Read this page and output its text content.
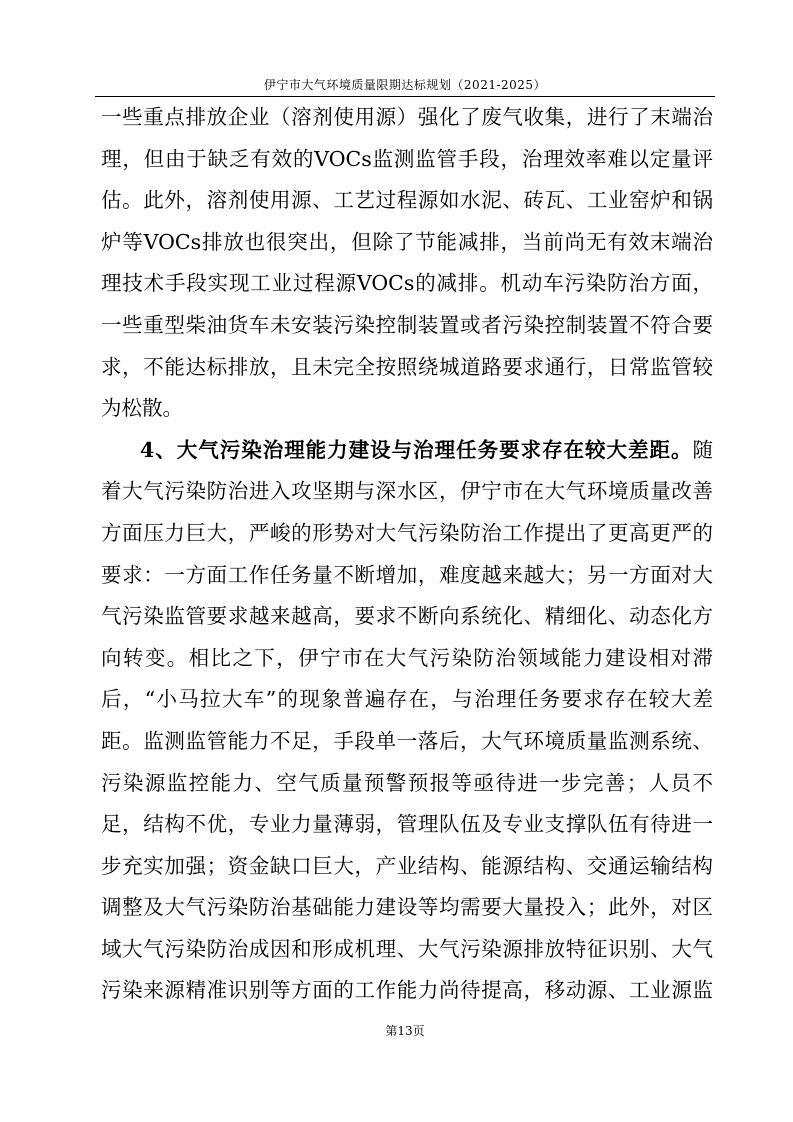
伊宁市大气环境质量限期达标规划（2021-2025）
一些重点排放企业（溶剂使用源）强化了废气收集，进行了末端治
理，但由于缺乏有效的VOCs监测监管手段，治理效率难以定量评
估。此外，溶剂使用源、工艺过程源如水泥、砖瓦、工业窑炉和锅
炉等VOCs排放也很突出，但除了节能减排，当前尚无有效末端治
理技术手段实现工业过程源VOCs的减排。机动车污染防治方面，
一些重型柴油货车未安装污染控制装置或者污染控制装置不符合要
求，不能达标排放，且未完全按照绕城道路要求通行，日常监管较
为松散。
4、大气污染治理能力建设与治理任务要求存在较大差距。随
着大气污染防治进入攻坚期与深水区，伊宁市在大气环境质量改善
方面压力巨大，严峻的形势对大气污染防治工作提出了更高更严的
要求：一方面工作任务量不断增加，难度越来越大；另一方面对大
气污染监管要求越来越高，要求不断向系统化、精细化、动态化方
向转变。相比之下，伊宁市在大气污染防治领域能力建设相对滞
后，“小马拉大车”的现象普遍存在，与治理任务要求存在较大差
距。监测监管能力不足，手段单一落后，大气环境质量监测系统、
污染源监控能力、空气质量预警预报等亟待进一步完善；人员不
足，结构不优，专业力量薄弱，管理队伍及专业支撑队伍有待进一
步充实加强；资金缺口巨大，产业结构、能源结构、交通运输结构
调整及大气污染防治基础能力建设等均需要大量投入；此外，对区
域大气污染防治成因和形成机理、大气污染源排放特征识别、大气
污染来源精准识别等方面的工作能力尚待提高，移动源、工业源监
第13页
